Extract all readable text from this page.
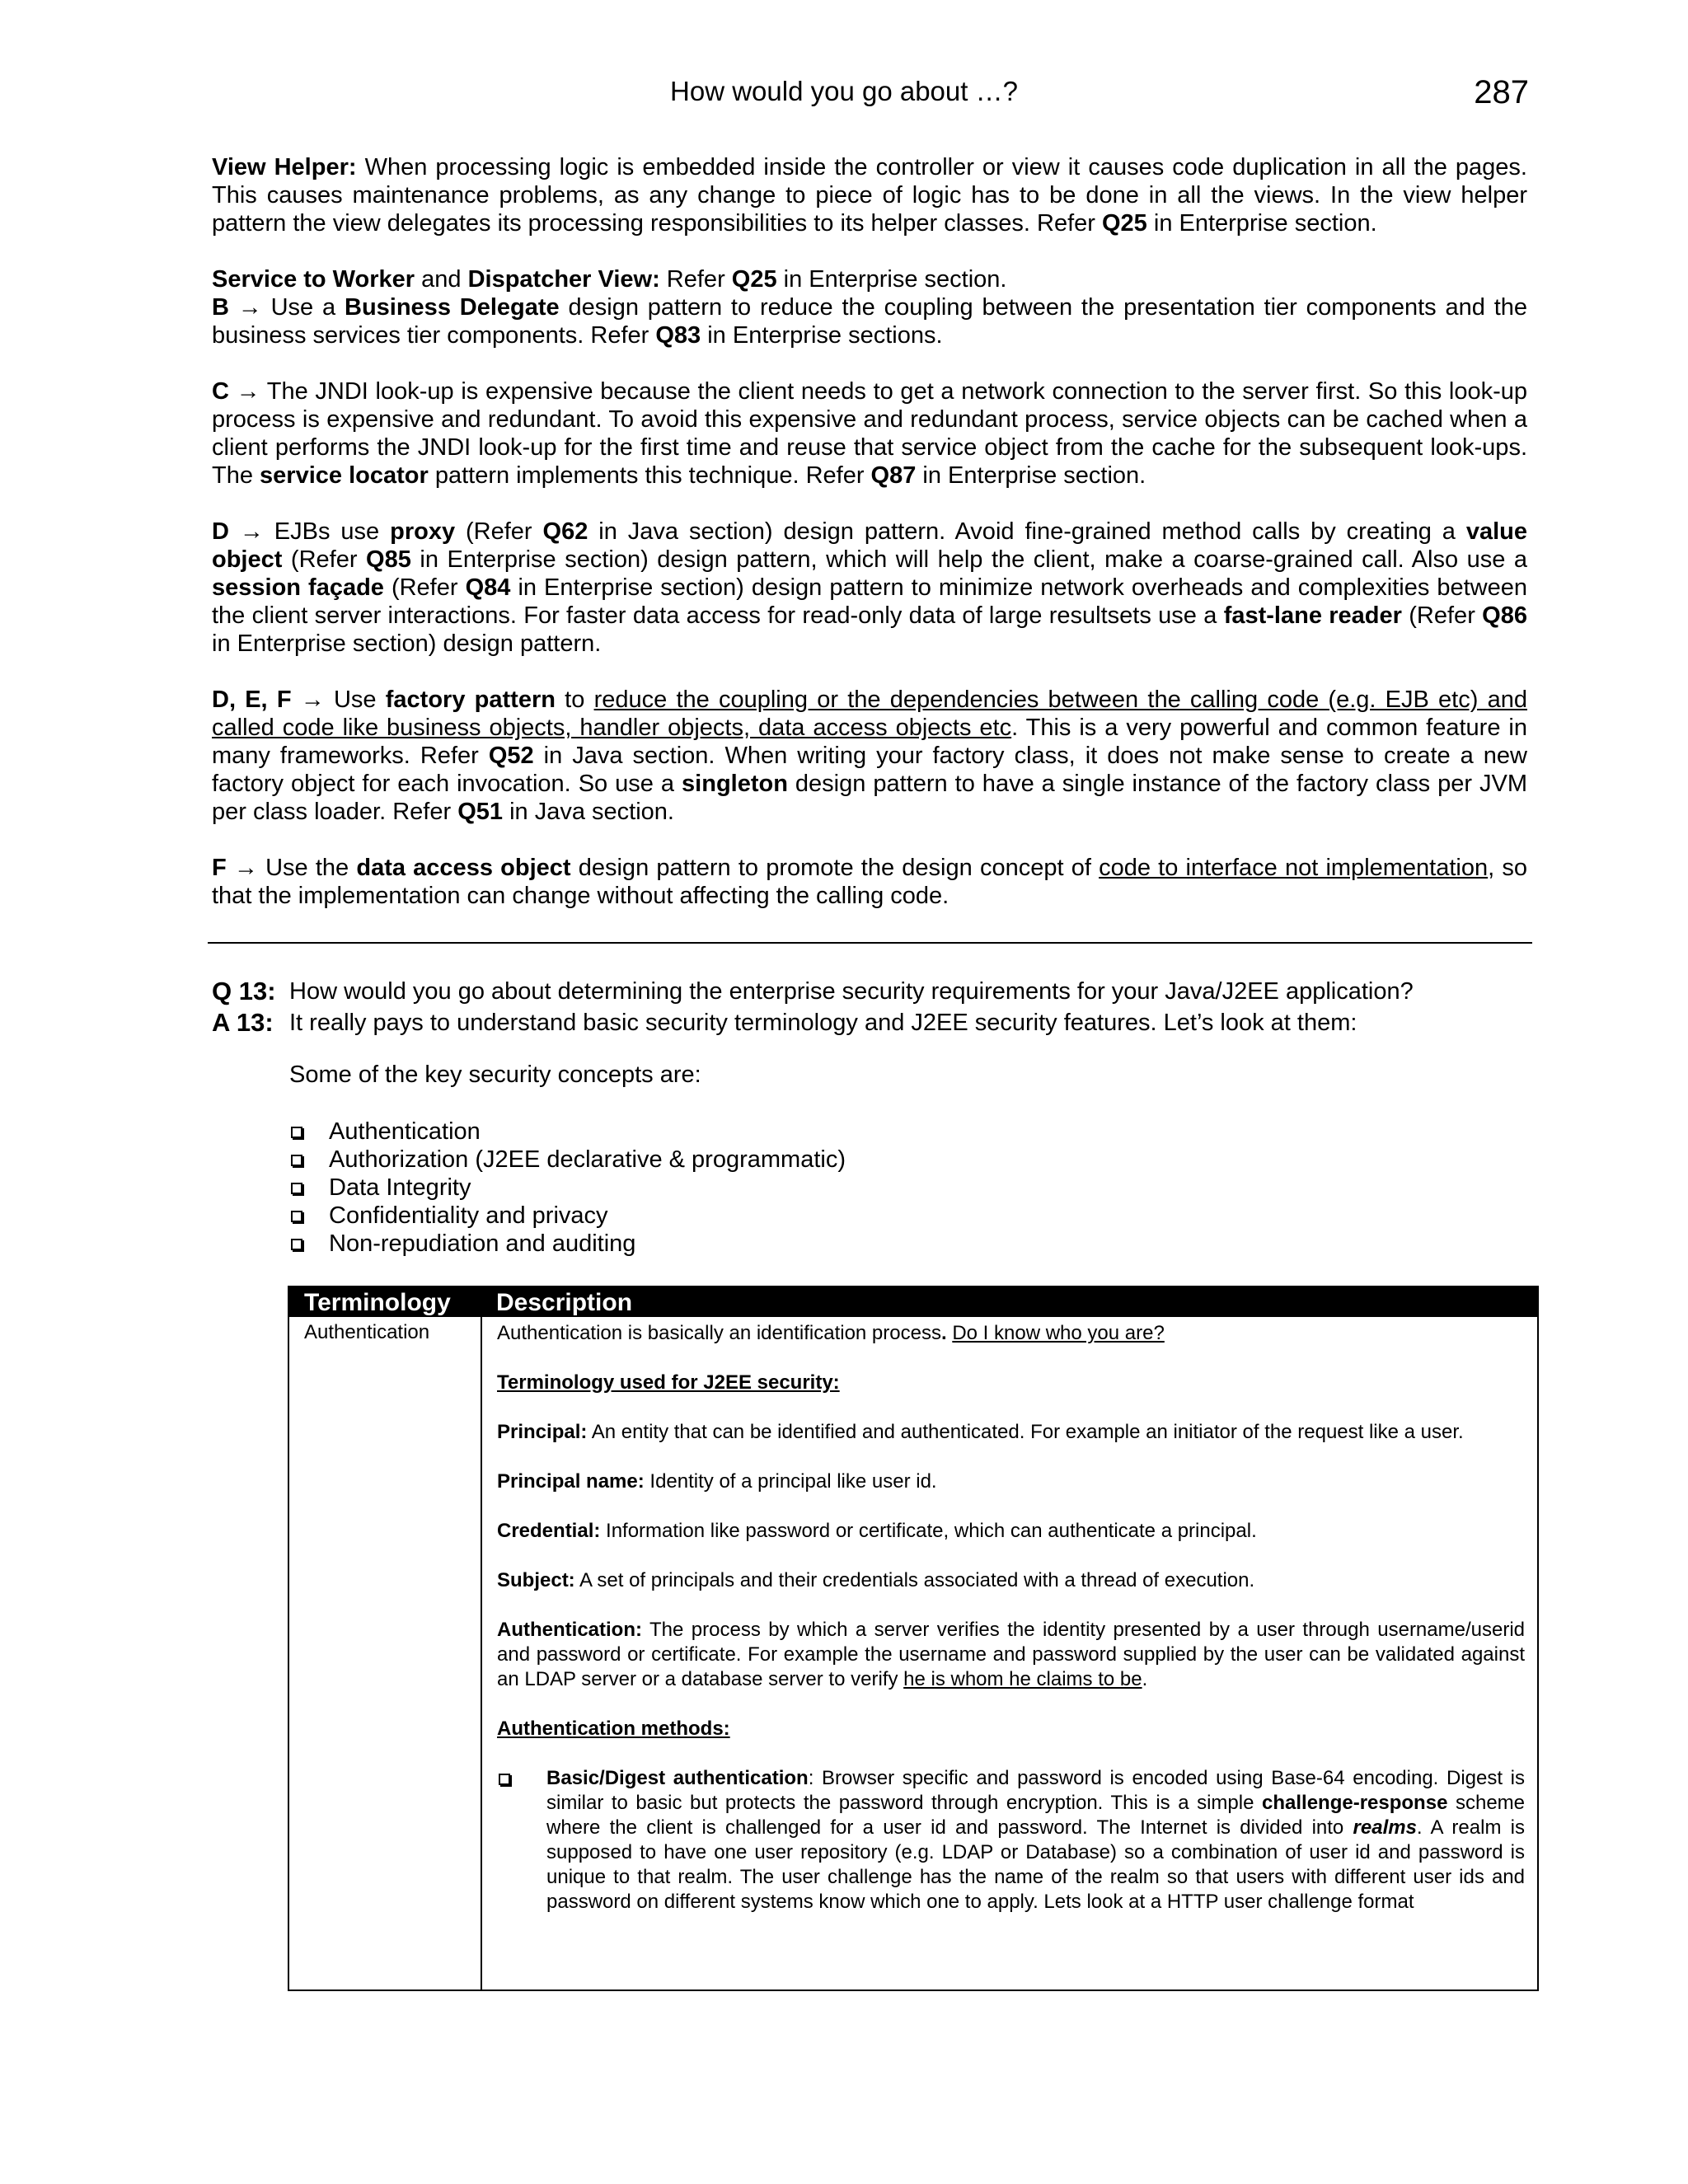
How would you go about …?	287

View Helper: When processing logic is embedded inside the controller or view it causes code duplication in all the pages. This causes maintenance problems, as any change to piece of logic has to be done in all the views. In the view helper pattern the view delegates its processing responsibilities to its helper classes. Refer Q25 in Enterprise section.

Service to Worker and Dispatcher View: Refer Q25 in Enterprise section.

B → Use a Business Delegate design pattern to reduce the coupling between the presentation tier components and the business services tier components. Refer Q83 in Enterprise sections.

C → The JNDI look-up is expensive because the client needs to get a network connection to the server first. So this look-up process is expensive and redundant. To avoid this expensive and redundant process, service objects can be cached when a client performs the JNDI look-up for the first time and reuse that service object from the cache for the subsequent look-ups. The service locator pattern implements this technique. Refer Q87 in Enterprise section.

D → EJBs use proxy (Refer Q62 in Java section) design pattern. Avoid fine-grained method calls by creating a value object (Refer Q85 in Enterprise section) design pattern, which will help the client, make a coarse-grained call. Also use a session façade (Refer Q84 in Enterprise section) design pattern to minimize network overheads and complexities between the client server interactions. For faster data access for read-only data of large resultsets use a fast-lane reader (Refer Q86 in Enterprise section) design pattern.

D, E, F → Use factory pattern to reduce the coupling or the dependencies between the calling code (e.g. EJB etc) and called code like business objects, handler objects, data access objects etc. This is a very powerful and common feature in many frameworks. Refer Q52 in Java section. When writing your factory class, it does not make sense to create a new factory object for each invocation. So use a singleton design pattern to have a single instance of the factory class per JVM per class loader. Refer Q51 in Java section.

F → Use the data access object design pattern to promote the design concept of code to interface not implementation, so that the implementation can change without affecting the calling code.

Q 13: How would you go about determining the enterprise security requirements for your Java/J2EE application?
A 13: It really pays to understand basic security terminology and J2EE security features. Let’s look at them:
Some of the key security concepts are:
Authentication
Authorization (J2EE declarative & programmatic)
Data Integrity
Confidentiality and privacy
Non-repudiation and auditing
Terminology Description
Authentication	Authentication is basically an identification process. Do I know who you are?

Terminology used for J2EE security:

Principal: An entity that can be identified and authenticated. For example an initiator of the request like a user.

Principal name: Identity of a principal like user id.

Credential: Information like password or certificate, which can authenticate a principal.

Subject: A set of principals and their credentials associated with a thread of execution.

Authentication: The process by which a server verifies the identity presented by a user through username/userid and password or certificate. For example the username and password supplied by the user can be validated against an LDAP server or a database server to verify he is whom he claims to be.

Authentication methods:

Basic/Digest authentication: Browser specific and password is encoded using Base-64 encoding. Digest is similar to basic but protects the password through encryption. This is a simple challenge-response scheme where the client is challenged for a user id and password. The Internet is divided into realms. A realm is supposed to have one user repository (e.g. LDAP or Database) so a combination of user id and password is unique to that realm. The user challenge has the name of the realm so that users with different user ids and password on different systems know which one to apply. Lets look at a HTTP user challenge format
